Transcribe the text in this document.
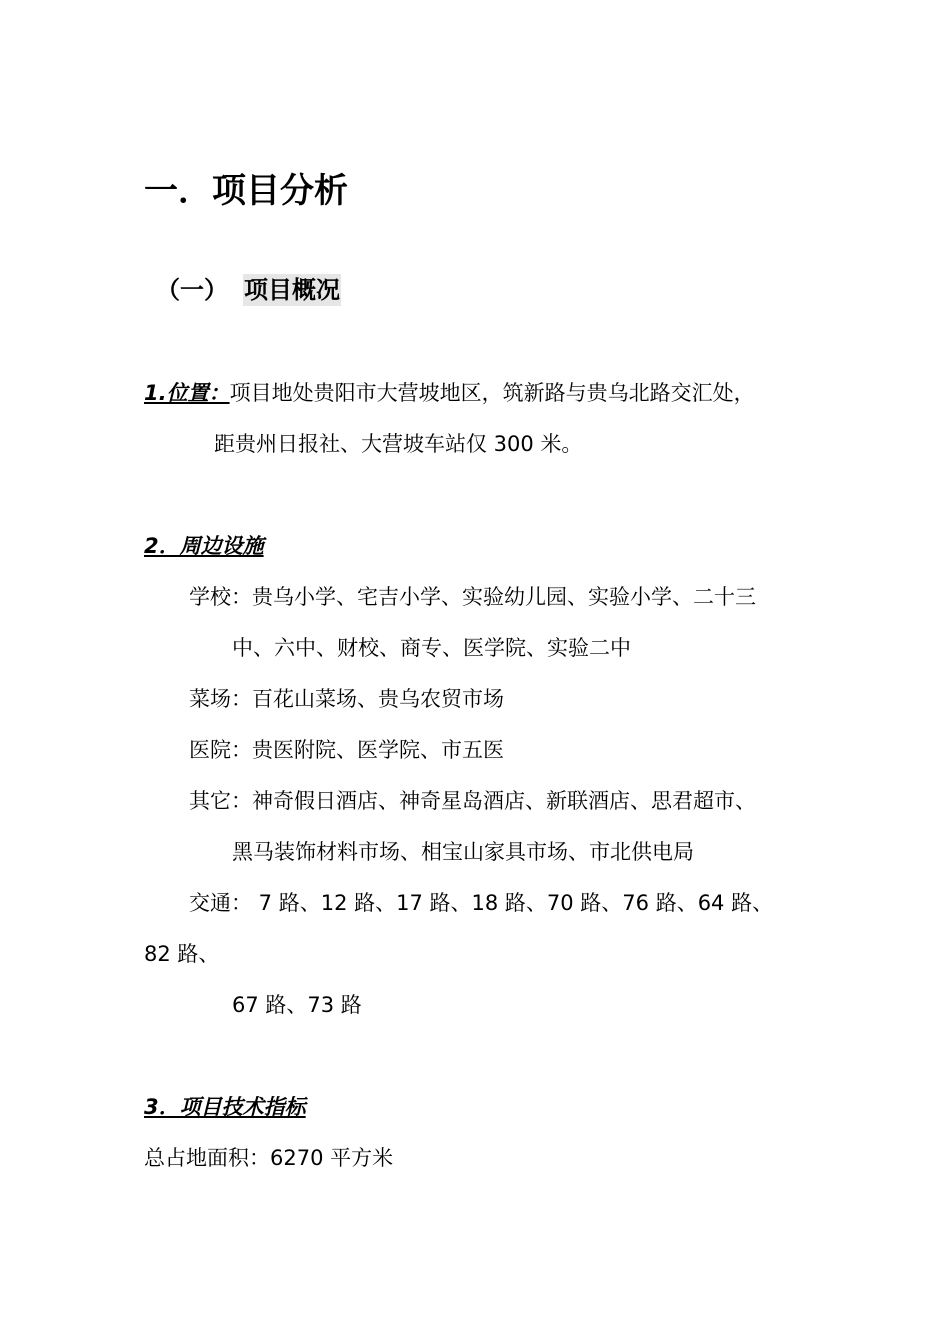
一．项目分析
（一） 项目概况
1.位置：项目地处贵阳市大营坡地区，筑新路与贵乌北路交汇处，
距贵州日报社、大营坡车站仅 300 米。
2．周边设施
学校：贵乌小学、宅吉小学、实验幼儿园、实验小学、二十三
中、六中、财校、商专、医学院、实验二中
菜场：百花山菜场、贵乌农贸市场
医院：贵医附院、医学院、市五医
其它：神奇假日酒店、神奇星岛酒店、新联酒店、思君超市、
黑马装饰材料市场、相宝山家具市场、市北供电局
交通： 7 路、12 路、17 路、18 路、70 路、76 路、64 路、
82 路、
67 路、73 路
3．项目技术指标
总占地面积：6270 平方米
